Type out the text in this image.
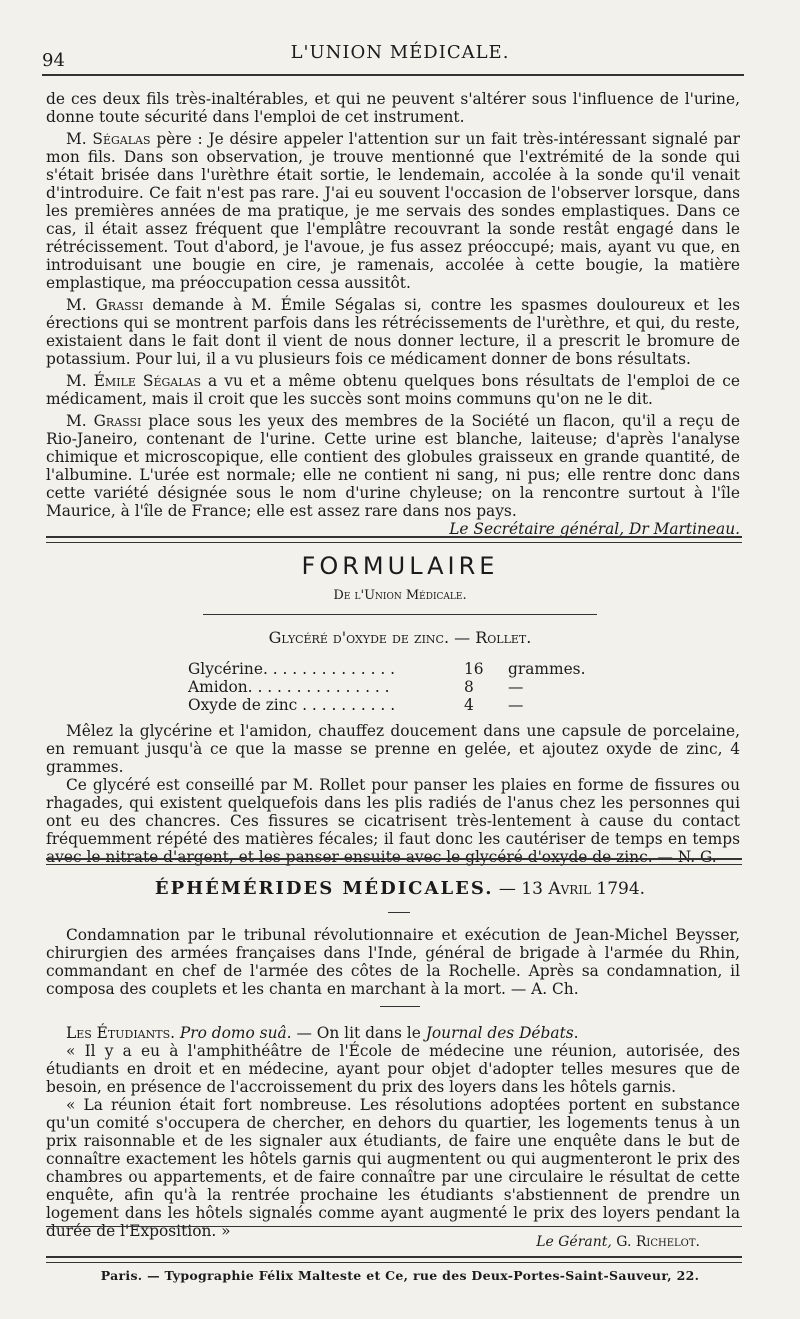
94	L'UNION MÉDICALE.

de ces deux fils très-inaltérables, et qui ne peuvent s'altérer sous l'influence de l'urine, donne toute sécurité dans l'emploi de cet instrument.

M. Ségalas père : Je désire appeler l'attention sur un fait très-intéressant signalé par mon fils. Dans son observation, je trouve mentionné que l'extrémité de la sonde qui s'était brisée dans l'urèthre était sortie, le lendemain, accolée à la sonde qu'il venait d'introduire. Ce fait n'est pas rare. J'ai eu souvent l'occasion de l'observer lorsque, dans les premières années de ma pratique, je me servais des sondes emplastiques. Dans ce cas, il était assez fréquent que l'emplâtre recouvrant la sonde restât engagé dans le rétrécissement. Tout d'abord, je l'avoue, je fus assez préoccupé; mais, ayant vu que, en introduisant une bougie en cire, je ramenais, accolée à cette bougie, la matière emplastique, ma préoccupation cessa aussitôt.

M. Grassi demande à M. Émile Ségalas si, contre les spasmes douloureux et les érections qui se montrent parfois dans les rétrécissements de l'urèthre, et qui, du reste, existaient dans le fait dont il vient de nous donner lecture, il a prescrit le bromure de potassium. Pour lui, il a vu plusieurs fois ce médicament donner de bons résultats.

M. Émile Ségalas a vu et a même obtenu quelques bons résultats de l'emploi de ce médicament, mais il croit que les succès sont moins communs qu'on ne le dit.

M. Grassi place sous les yeux des membres de la Société un flacon, qu'il a reçu de Rio-Janeiro, contenant de l'urine. Cette urine est blanche, laiteuse; d'après l'analyse chimique et microscopique, elle contient des globules graisseux en grande quantité, de l'albumine. L'urée est normale; elle ne contient ni sang, ni pus; elle rentre donc dans cette variété désignée sous le nom d'urine chyleuse; on la rencontre surtout à l'île Maurice, à l'île de France; elle est assez rare dans nos pays.
Le Secrétaire général, Dr Martineau.

FORMULAIRE
De l'Union Médicale.
Glycéré d'oxyde de zinc. — Rollet.
Glycérine. . . . . . . . . . . . . .	16 grammes.
Amidon. . . . . . . . . . . . . . .	8 —
Oxyde de zinc . . . . . . . . . .	4 —

Mêlez la glycérine et l'amidon, chauffez doucement dans une capsule de porcelaine, en remuant jusqu'à ce que la masse se prenne en gelée, et ajoutez oxyde de zinc, 4 grammes.

Ce glycéré est conseillé par M. Rollet pour panser les plaies en forme de fissures ou rhagades, qui existent quelquefois dans les plis radiés de l'anus chez les personnes qui ont eu des chancres. Ces fissures se cicatrisent très-lentement à cause du contact fréquemment répété des matières fécales; il faut donc les cautériser de temps en temps avec le nitrate d'argent, et les panser ensuite avec le glycéré d'oxyde de zinc. — N. G.

ÉPHÉMÉRIDES MÉDICALES. — 13 Avril 1794.

Condamnation par le tribunal révolutionnaire et exécution de Jean-Michel Beysser, chirurgien des armées françaises dans l'Inde, général de brigade à l'armée du Rhin, commandant en chef de l'armée des côtes de la Rochelle. Après sa condamnation, il composa des couplets et les chanta en marchant à la mort. — A. Ch.

Les Étudiants. Pro domo suâ. — On lit dans le Journal des Débats.

« Il y a eu à l'amphithéâtre de l'École de médecine une réunion, autorisée, des étudiants en droit et en médecine, ayant pour objet d'adopter telles mesures que de besoin, en présence de l'accroissement du prix des loyers dans les hôtels garnis.

« La réunion était fort nombreuse. Les résolutions adoptées portent en substance qu'un comité s'occupera de chercher, en dehors du quartier, les logements tenus à un prix raisonnable et de les signaler aux étudiants, de faire une enquête dans le but de connaître exactement les hôtels garnis qui augmentent ou qui augmenteront le prix des chambres ou appartements, et de faire connaître par une circulaire le résultat de cette enquête, afin qu'à la rentrée prochaine les étudiants s'abstiennent de prendre un logement dans les hôtels signalés comme ayant augmenté le prix des loyers pendant la durée de l'Exposition. »

Le Gérant, G. Richelot.
Paris. — Typographie Félix Malteste et Ce, rue des Deux-Portes-Saint-Sauveur, 22.
